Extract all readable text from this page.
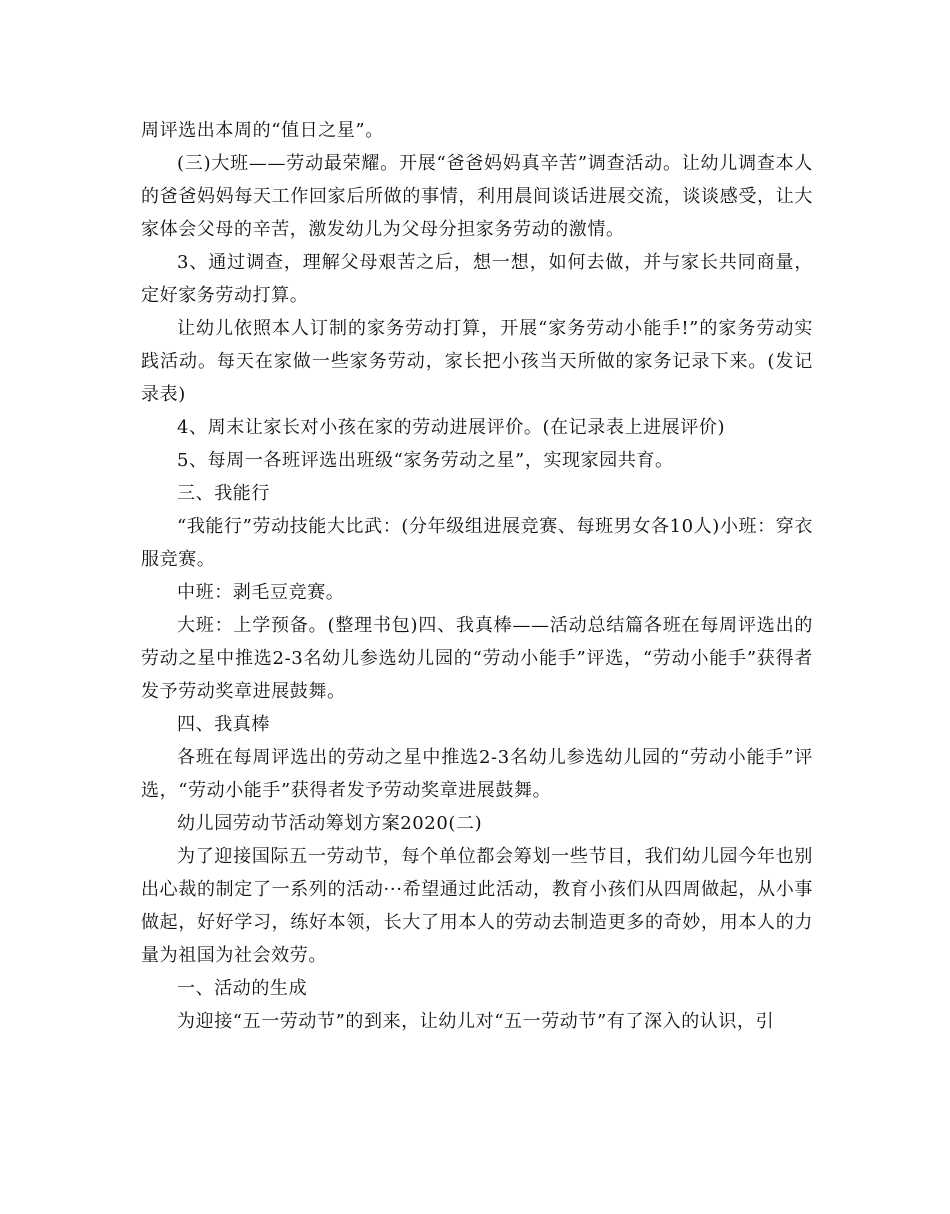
周评选出本周的“值日之星”。

(三)大班——劳动最荣耀。开展“爸爸妈妈真辛苦”调查活动。让幼儿调查本人的爸爸妈妈每天工作回家后所做的事情，利用晨间谈话进展交流，谈谈感受，让大家体会父母的辛苦，激发幼儿为父母分担家务劳动的激情。

3、通过调查，理解父母艰苦之后，想一想，如何去做，并与家长共同商量，定好家务劳动打算。

让幼儿依照本人订制的家务劳动打算，开展“家务劳动小能手!”的家务劳动实践活动。每天在家做一些家务劳动，家长把小孩当天所做的家务记录下来。(发记录表)

4、周末让家长对小孩在家的劳动进展评价。(在记录表上进展评价)

5、每周一各班评选出班级“家务劳动之星”，实现家园共育。

三、我能行

“我能行”劳动技能大比武：(分年级组进展竞赛、每班男女各10人)小班：穿衣服竞赛。

中班：剥毛豆竞赛。

大班：上学预备。(整理书包)四、我真棒——活动总结篇各班在每周评选出的劳动之星中推选2-3名幼儿参选幼儿园的“劳动小能手”评选，“劳动小能手”获得者发予劳动奖章进展鼓舞。

四、我真棒

各班在每周评选出的劳动之星中推选2-3名幼儿参选幼儿园的“劳动小能手”评选，“劳动小能手”获得者发予劳动奖章进展鼓舞。

幼儿园劳动节活动筹划方案2020(二)

为了迎接国际五一劳动节，每个单位都会筹划一些节目，我们幼儿园今年也别出心裁的制定了一系列的活动···希望通过此活动，教育小孩们从四周做起，从小事做起，好好学习，练好本领，长大了用本人的劳动去制造更多的奇妙，用本人的力量为祖国为社会效劳。

一、活动的生成

为迎接“五一劳动节”的到来，让幼儿对“五一劳动节”有了深入的认识，引
